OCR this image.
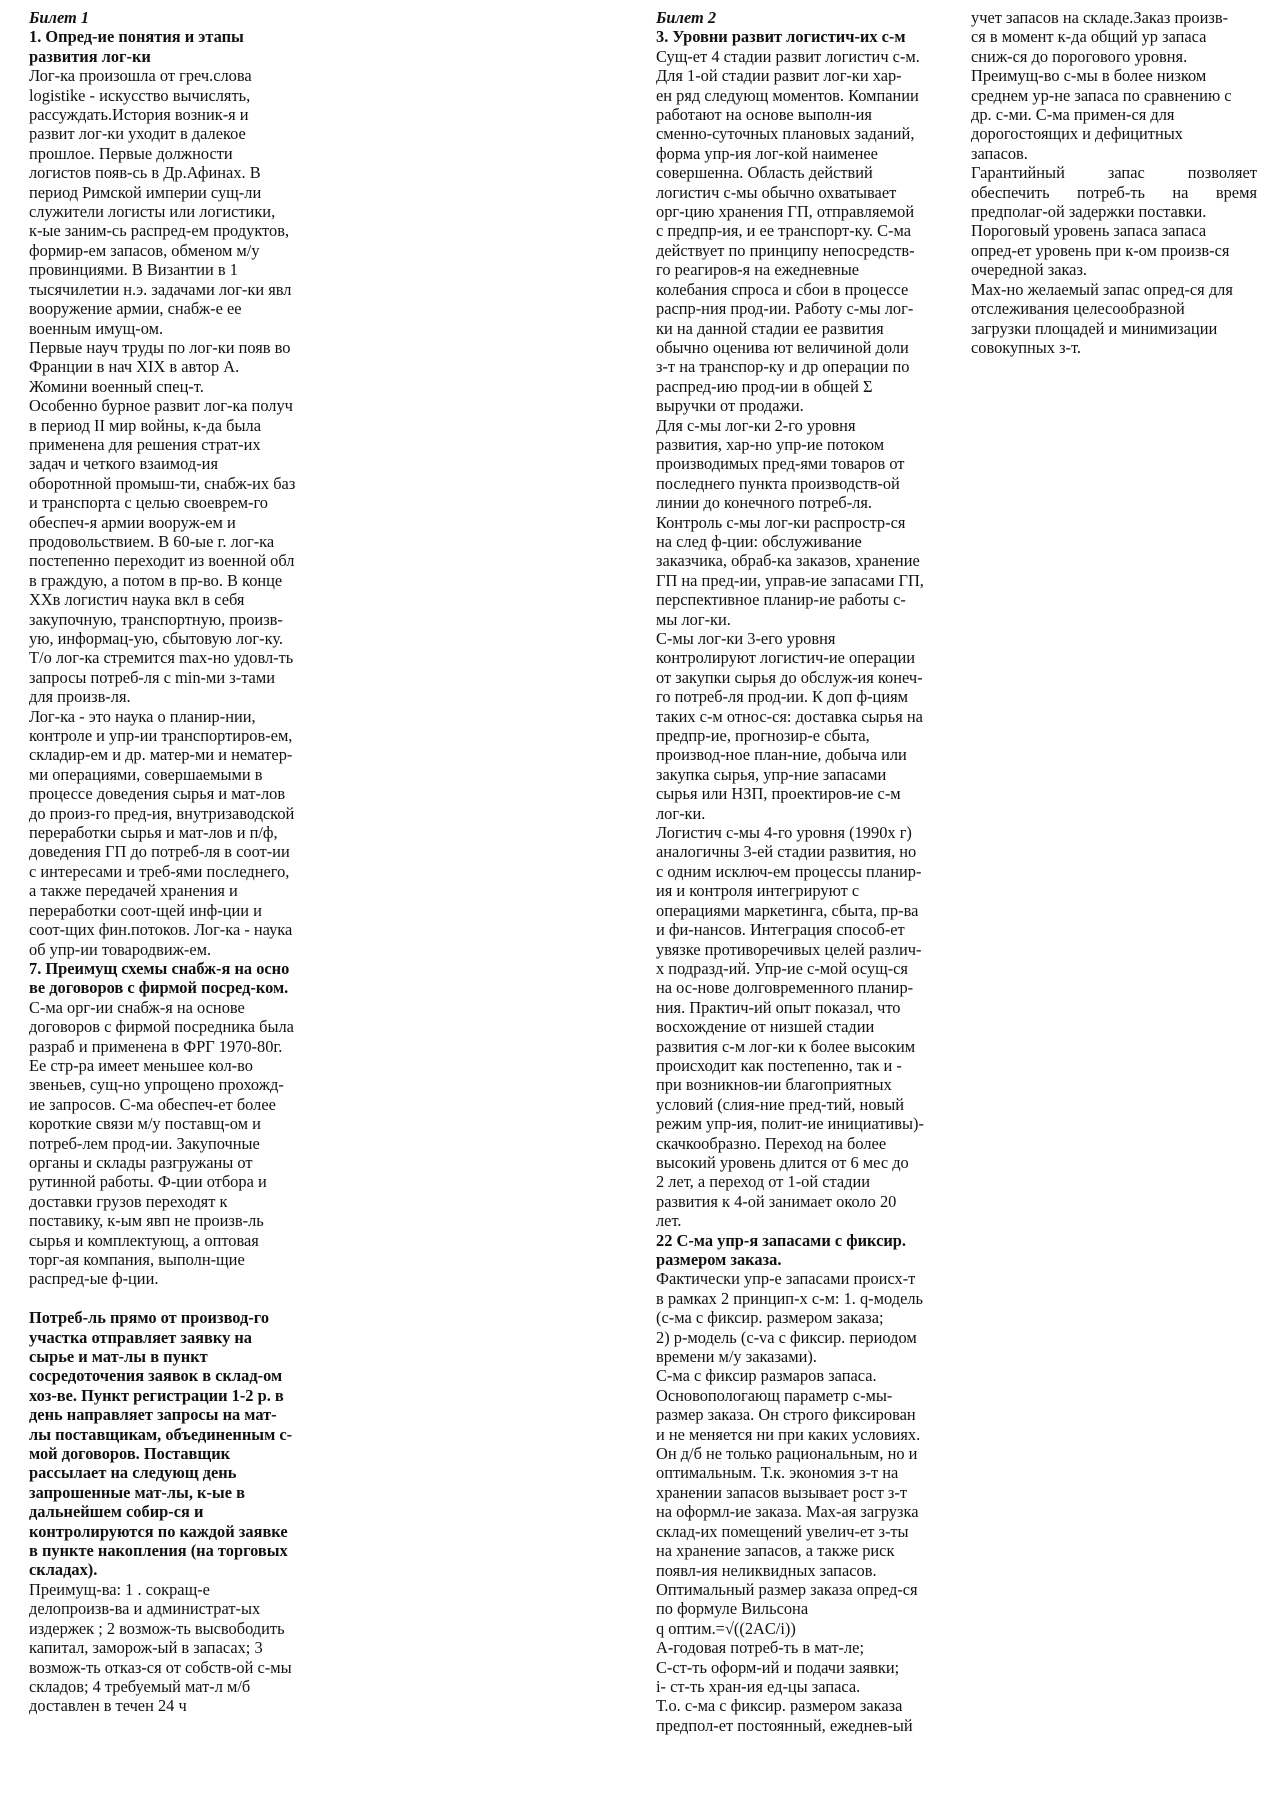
Билет 1
1. Опред-ие понятия и этапы
развития лог-ки
Лог-ка произошла от греч.слова
logistike - искусство вычислять,
рассуждать.История возник-я и
развит лог-ки уходит в далекое
прошлое. Первые должности
логистов появ-сь в Др.Афинах. В
период Римской империи сущ-ли
служители логисты или логистики,
к-ые заним-сь распред-ем продуктов,
формир-ем запасов, обменом м/у
провинциями. В Византии в 1
тысячилетии н.э. задачами лог-ки явл
вооружение армии, снабж-е ее
военным имущ-ом.
Первые науч труды по лог-ки появ во
Франции в нач XIX в автор А.
Жомини военный спец-т.
Особенно бурное развит лог-ка получ
в период II мир войны, к-да была
применена для решения страт-их
задач и четкого взаимод-ия
оборотнной промыш-ти, снабж-их баз
и транспорта с целью своеврем-го
обеспеч-я армии вооруж-ем и
продовольствием. В 60-ые г. лог-ка
постепенно переходит из военной обл
в граждую, а потом в пр-во. В конце
XXв логистич наука вкл в себя
закупочную, транспортную, произв-
ую, информац-ую, сбытовую лог-ку.
Т/о лог-ка стремится max-но удовл-ть
запросы потреб-ля с min-ми з-тами
для произв-ля.
Лог-ка - это наука о планир-нии,
контроле и упр-ии транспортиров-ем,
складир-ем и др. матер-ми и нематер-
ми операциями, совершаемыми в
процессе доведения сырья и мат-лов
до произ-го пред-ия, внутризаводской
переработки сырья и мат-лов и п/ф,
доведения ГП до потреб-ля в соот-ии
с интересами и треб-ями последнего,
а также передачей хранения и
переработки соот-щей инф-ции и
соот-щих фин.потоков. Лог-ка - наука
об упр-ии товародвиж-ем.
7. Преимущ схемы снабж-я на осно
ве договоров с фирмой посред-ком.
С-ма орг-ии снабж-я на основе
договоров с фирмой посредника была
разраб и применена в ФРГ 1970-80г.
Ее стр-ра имеет меньшее кол-во
звеньев, сущ-но упрощено прохожд-
ие запросов. С-ма обеспеч-ет более
короткие связи м/у поставщ-ом и
потреб-лем прод-ии. Закупочные
органы и склады разгружаны от
рутинной работы. Ф-ции отбора и
доставки грузов переходят к
поставику, к-ым явп не произв-ль
сырья и комплектующ, а оптовая
торг-ая компания, выполн-щие
распред-ые ф-ции.
Потреб-ль прямо от производ-го
участка отправляет заявку на
сырье и мат-лы в пункт
сосредоточения заявок в склад-ом
хоз-ве. Пункт регистрации 1-2 р. в
день направляет запросы на мат-
лы поставщикам, объединенным с-
мой договоров. Поставщик
рассылает на следующ день
запрошенные мат-лы, к-ые в
дальнейшем собир-ся и
контролируются по каждой заявке
в пункте накопления (на торговых
складах).
Преимущ-ва: 1 . сокращ-е
делопроизв-ва и администрат-ых
издержек ; 2 возмож-ть высвободить
капитал, заморож-ый в запасах; 3
возмож-ть отказ-ся от собств-ой с-мы
складов; 4 требуемый мат-л м/б
доставлен в течен 24 ч
Билет 2
3. Уровни развит логистич-их с-м
Сущ-ет 4 стадии развит логистич с-м.
Для 1-ой стадии развит лог-ки хар-
ен ряд следующ моментов. Компании
работают на основе выполн-ия
сменно-суточных плановых заданий,
форма упр-ия лог-кой наименее
совершенна. Область действий
логистич с-мы обычно охватывает
орг-цию хранения ГП, отправляемой
с предпр-ия, и ее транспорт-ку. С-ма
действует по принципу непосредств-
го реагиров-я на ежедневные
колебания спроса и сбои в процессе
распр-ния прод-ии. Работу с-мы лог-
ки на данной стадии ее развития
обычно оценива ют величиной доли
з-т на транспор-ку и др операции по
распред-ию прод-ии в общей Σ
выручки от продажи.
Для с-мы лог-ки 2-го уровня
развития, хар-но упр-ие потоком
производимых пред-ями товаров от
последнего пункта производств-ой
линии до конечного потреб-ля.
Контроль с-мы лог-ки распростр-ся
на след ф-ции: обслуживание
заказчика, обраб-ка заказов, хранение
ГП на пред-ии, управ-ие запасами ГП,
перспективное планир-ие работы с-
мы лог-ки.
С-мы лог-ки 3-его уровня
контролируют логистич-ие операции
от закупки сырья до обслуж-ия конеч-
го потреб-ля прод-ии. К доп ф-циям
таких с-м относ-ся: доставка сырья на
предпр-ие, прогнозир-е сбыта,
производ-ное план-ние, добыча или
закупка сырья, упр-ние запасами
сырья или НЗП, проектиров-ие с-м
лог-ки.
Логистич с-мы 4-го уровня (1990х г)
аналогичны 3-ей стадии развития, но
с одним исключ-ем процессы планир-
ия и контроля интегрируют с
операциями маркетинга, сбыта, пр-ва
и фи-нансов. Интеграция способ-ет
увязке противоречивых целей различ-
х подразд-ий. Упр-ие с-мой осущ-ся
на ос-нове долговременного планир-
ния. Практич-ий опыт показал, что
восхождение от низшей стадии
развития с-м лог-ки к более высоким
происходит как постепенно, так и -
при возникнов-ии благоприятных
условий (слия-ние пред-тий, новый
режим упр-ия, полит-ие инициативы)-
скачкообразно. Переход на более
высокий уровень длится от 6 мес до
2 лет, а переход от 1-ой стадии
развития к 4-ой занимает около 20
лет.
22 С-ма упр-я запасами с фиксир.
размером заказа.
Фактически упр-е запасами происх-т
в рамках 2 принцип-х с-м: 1. q-модель
(с-ма с фиксир. размером заказа;
2) p-модель (с-va с фиксир. периодом
времени м/у заказами).
С-ма с фиксир размаров запаса.
Основопологающ параметр с-мы-
размер заказа. Он строго фиксирован
и не меняется ни при каких условиях.
Он д/б не только рациональным, но и
оптимальным. Т.к. экономия з-т на
хранении запасов вызывает рост з-т
на оформл-ие заказа. Max-ая загрузка
склад-их помещений увелич-ет з-ты
на хранение запасов, а также риск
появл-ия неликвидных запасов.
Оптимальный размер заказа опред-ся
по формуле Вильсона
q оптим.=√((2AC/i))
А-годовая потреб-ть в мат-ле;
С-ст-ть оформ-ий и подачи заявки;
i- ст-ть хран-ия ед-цы запаса.
Т.о. с-ма с фиксир. размером заказа
предпол-ет постоянный, ежеднев-ый
учет запасов на складе.Заказ произв-
ся в момент к-да общий ур запаса
сниж-ся до порогового уровня.
Преимущ-во с-мы в более низком
среднем ур-не запаса по сравнению с
др. с-ми. С-ма примен-ся для
дорогостоящих и дефицитных
запасов.
Гарантийный запас позволяет
обеспечить потреб-ть на время
предполаг-ой задержки поставки.
Пороговый уровень запаса запаса
опред-ет уровень при к-ом произв-ся
очередной заказ.
Max-но желаемый запас опред-ся для
отслеживания целесообразной
загрузки площадей и минимизации
совокупных з-т.
